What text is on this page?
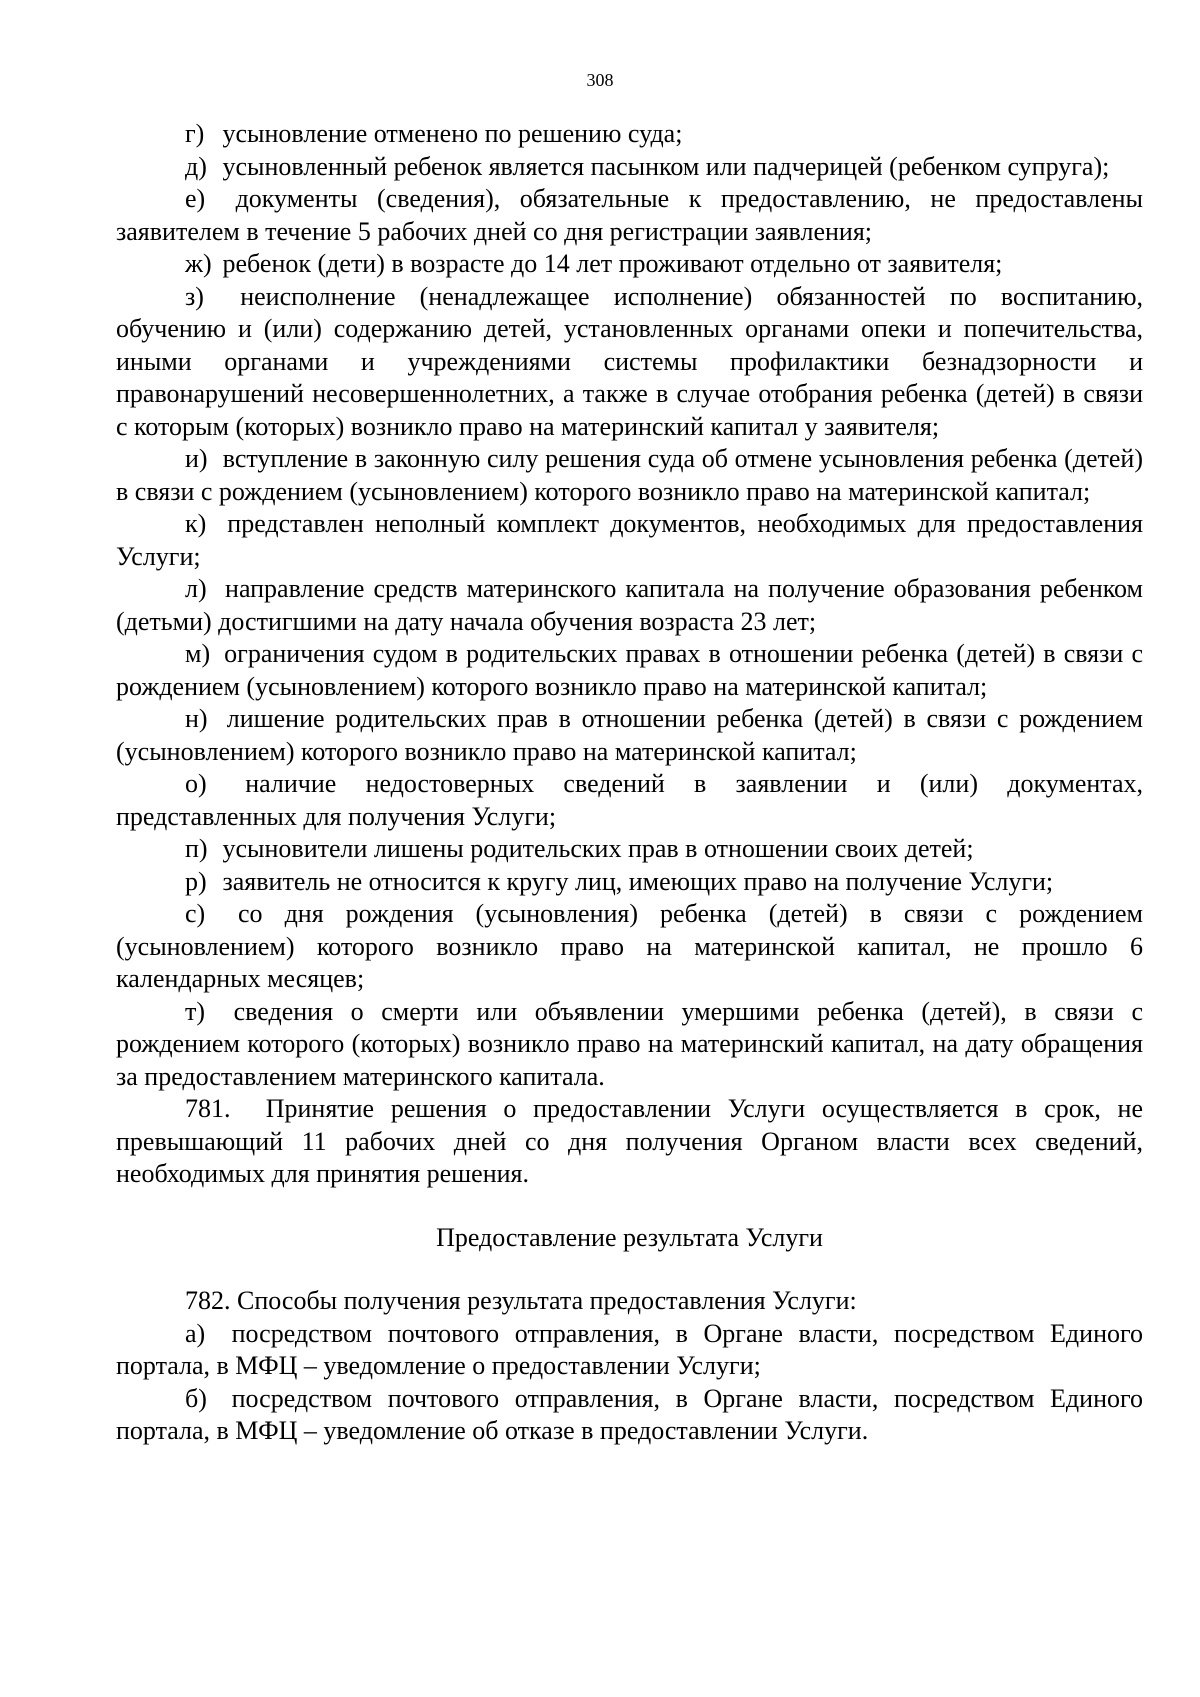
308

г) усыновление отменено по решению суда;

д) усыновленный ребенок является пасынком или падчерицей (ребенком супруга);

е) документы (сведения), обязательные к предоставлению, не предоставлены заявителем в течение 5 рабочих дней со дня регистрации заявления;

ж) ребенок (дети) в возрасте до 14 лет проживают отдельно от заявителя;

з) неисполнение (ненадлежащее исполнение) обязанностей по воспитанию, обучению и (или) содержанию детей, установленных органами опеки и попечительства, иными органами и учреждениями системы профилактики безнадзорности и правонарушений несовершеннолетних, а также в случае отобрания ребенка (детей) в связи с которым (которых) возникло право на материнский капитал у заявителя;

и) вступление в законную силу решения суда об отмене усыновления ребенка (детей) в связи с рождением (усыновлением) которого возникло право на материнской капитал;

к) представлен неполный комплект документов, необходимых для предоставления Услуги;

л) направление средств материнского капитала на получение образования ребенком (детьми) достигшими на дату начала обучения возраста 23 лет;

м) ограничения судом в родительских правах в отношении ребенка (детей) в связи с рождением (усыновлением) которого возникло право на материнской капитал;

н) лишение родительских прав в отношении ребенка (детей) в связи с рождением (усыновлением) которого возникло право на материнской капитал;

о) наличие недостоверных сведений в заявлении и (или) документах, представленных для получения Услуги;

п) усыновители лишены родительских прав в отношении своих детей;

р) заявитель не относится к кругу лиц, имеющих право на получение Услуги;

с) со дня рождения (усыновления) ребенка (детей) в связи с рождением (усыновлением) которого возникло право на материнской капитал, не прошло 6 календарных месяцев;

т) сведения о смерти или объявлении умершими ребенка (детей), в связи с рождением которого (которых) возникло право на материнский капитал, на дату обращения за предоставлением материнского капитала.

781. Принятие решения о предоставлении Услуги осуществляется в срок, не превышающий 11 рабочих дней со дня получения Органом власти всех сведений, необходимых для принятия решения.

Предоставление результата Услуги

782. Способы получения результата предоставления Услуги:

а) посредством почтового отправления, в Органе власти, посредством Единого портала, в МФЦ – уведомление о предоставлении Услуги;

б) посредством почтового отправления, в Органе власти, посредством Единого портала, в МФЦ – уведомление об отказе в предоставлении Услуги.
